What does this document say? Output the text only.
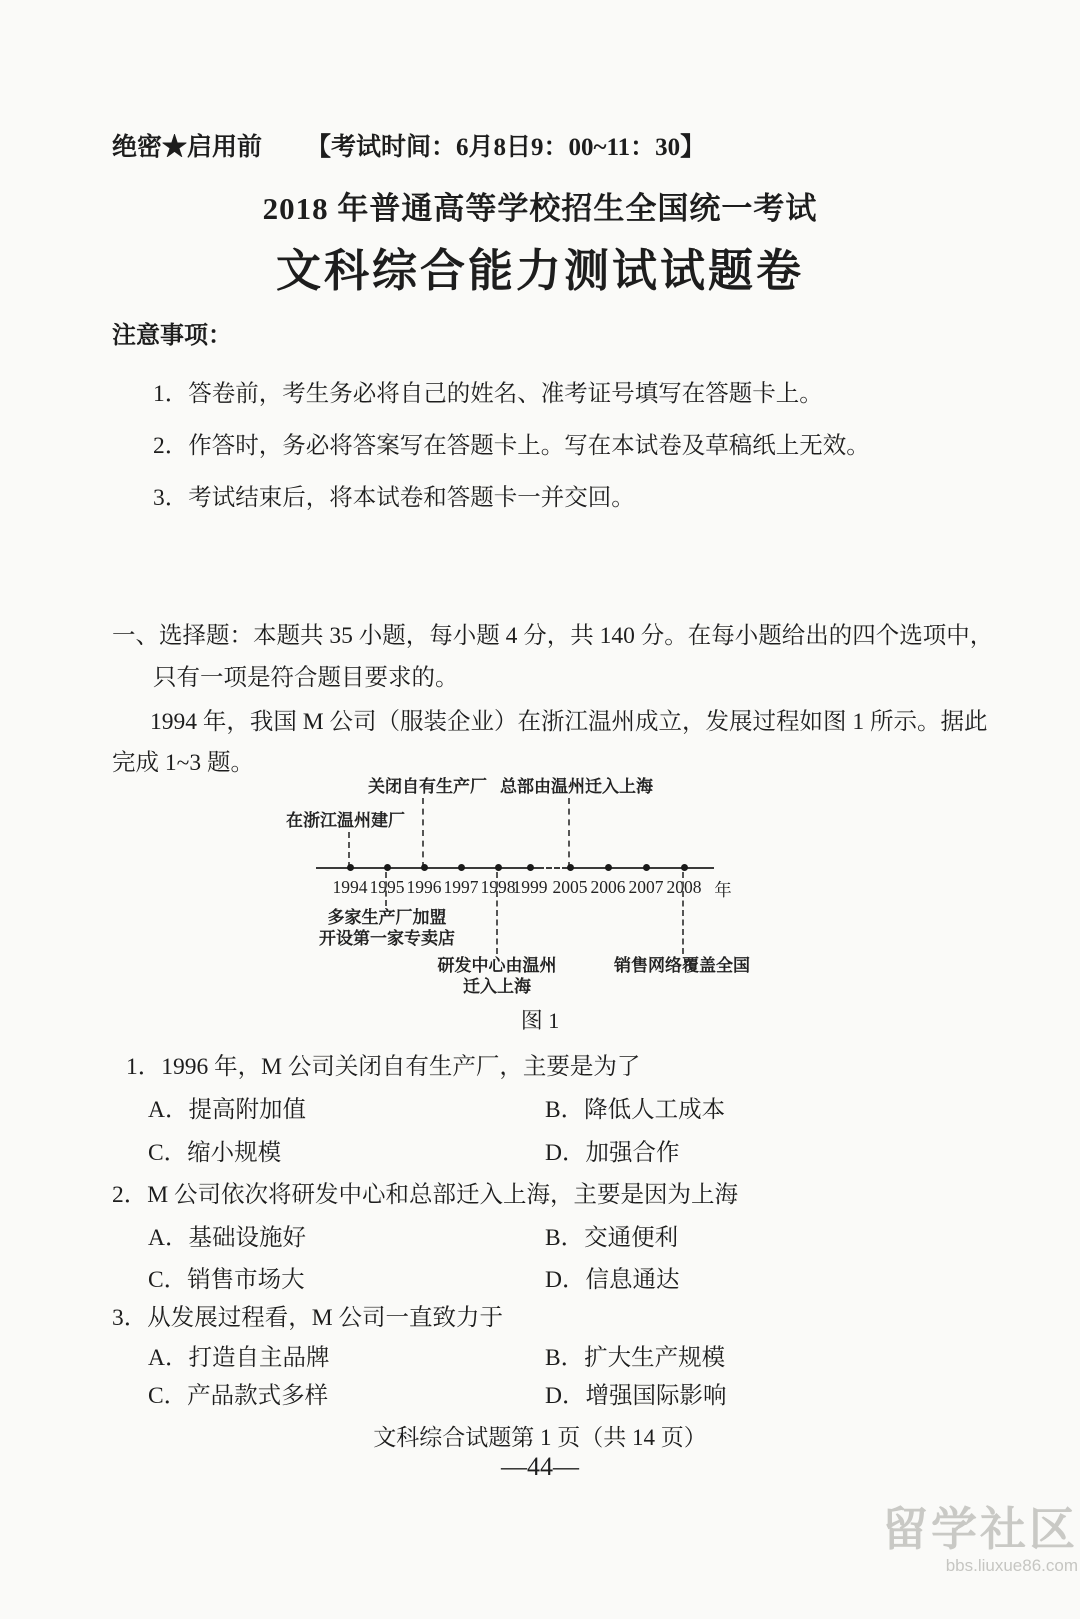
绝密★启用前 【考试时间：6月8日9：00~11：30】
2018 年普通高等学校招生全国统一考试
文科综合能力测试试题卷
注意事项：
1．答卷前，考生务必将自己的姓名、准考证号填写在答题卡上。
2．作答时，务必将答案写在答题卡上。写在本试卷及草稿纸上无效。
3．考试结束后，将本试卷和答题卡一并交回。
一、选择题：本题共 35 小题，每小题 4 分，共 140 分。在每小题给出的四个选项中，
只有一项是符合题目要求的。
1994 年，我国 M 公司（服装企业）在浙江温州成立，发展过程如图 1 所示。据此
完成 1~3 题。
在浙江温州建厂
关闭自有生产厂 总部由温州迁入上海
1994 1995 1996 1997 1998
1999 2005 2006 2007 2008 年
多家生产厂加盟
开设第一家专卖店
研发中心由温州
迁入上海
销售网络覆盖全国
图 1
1．1996 年，M 公司关闭自有生产厂，主要是为了
A．提高附加值	B．降低人工成本
C．缩小规模	D．加强合作
2．M 公司依次将研发中心和总部迁入上海，主要是因为上海
A．基础设施好	B．交通便利
C．销售市场大	D．信息通达
3．从发展过程看，M 公司一直致力于
A．打造自主品牌	B．扩大生产规模
C．产品款式多样	D．增强国际影响
文科综合试题第 1 页（共 14 页）
—44—
留学社区
bbs.liuxue86.com
